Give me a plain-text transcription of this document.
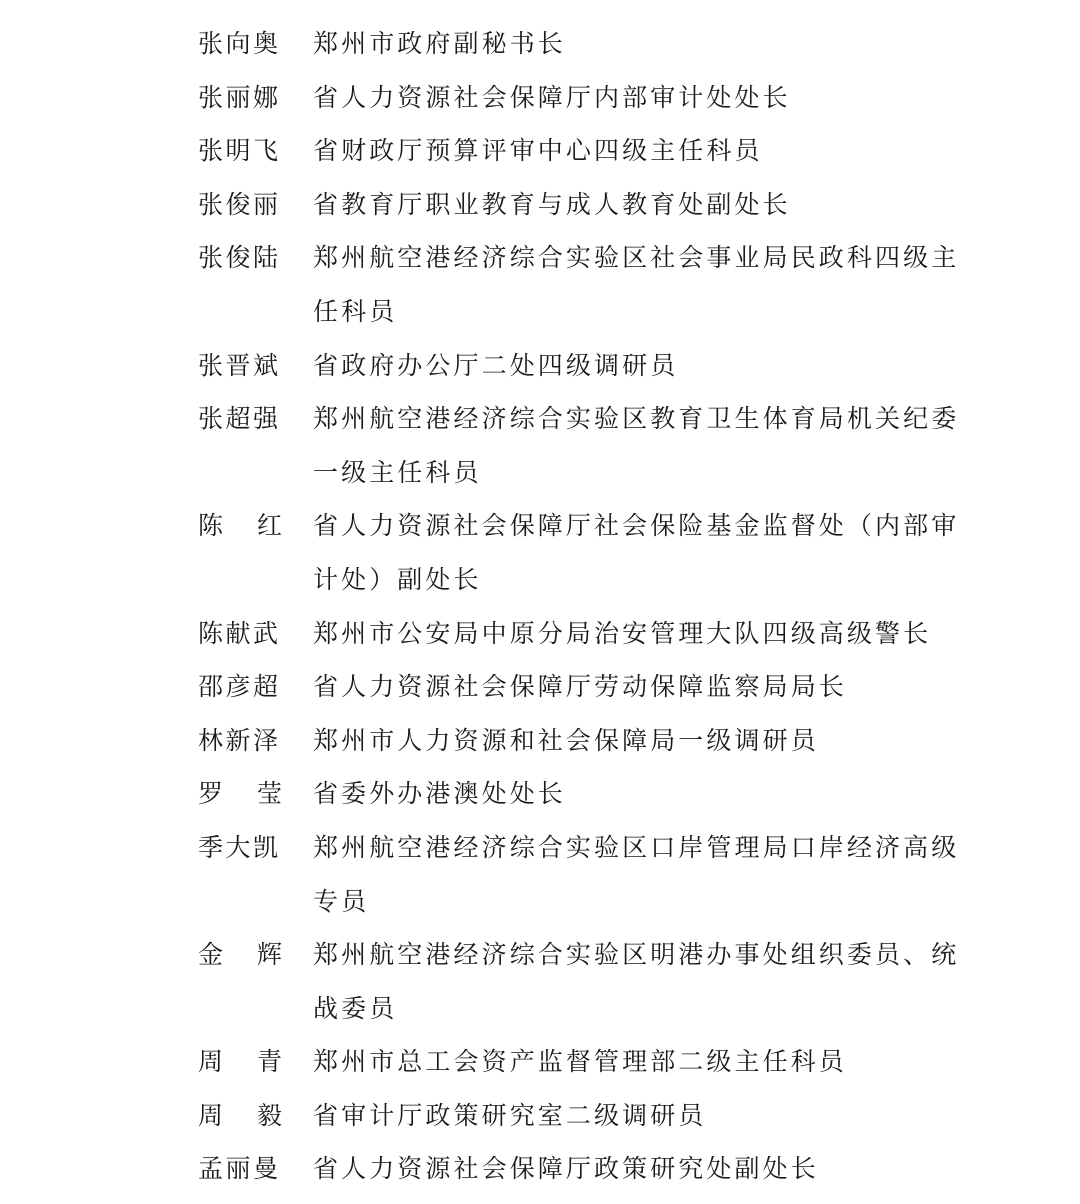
张向奥 郑州市政府副秘书长
张丽娜 省人力资源社会保障厅内部审计处处长
张明飞 省财政厅预算评审中心四级主任科员
张俊丽 省教育厅职业教育与成人教育处副处长
张俊陆 郑州航空港经济综合实验区社会事业局民政科四级主任科员
张晋斌 省政府办公厅二处四级调研员
张超强 郑州航空港经济综合实验区教育卫生体育局机关纪委一级主任科员
陈 红 省人力资源社会保障厅社会保险基金监督处（内部审计处）副处长
陈献武 郑州市公安局中原分局治安管理大队四级高级警长
邵彦超 省人力资源社会保障厅劳动保障监察局局长
林新泽 郑州市人力资源和社会保障局一级调研员
罗 莹 省委外办港澳处处长
季大凯 郑州航空港经济综合实验区口岸管理局口岸经济高级专员
金 辉 郑州航空港经济综合实验区明港办事处组织委员、统战委员
周 青 郑州市总工会资产监督管理部二级主任科员
周 毅 省审计厅政策研究室二级调研员
孟丽曼 省人力资源社会保障厅政策研究处副处长
